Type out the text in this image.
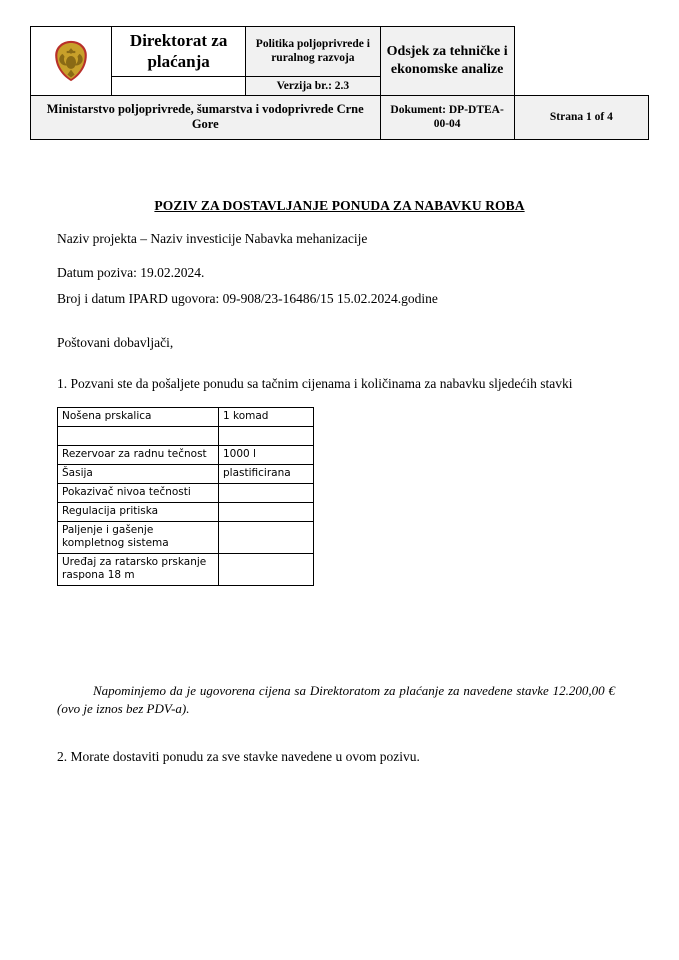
	Direktorat za plaćanja	Politika poljoprivrede i ruralnog razvoja	Odsjek za tehničke i ekonomske analize	
		Verzija br.: 2.3		
Ministarstvo poljoprivrede, šumarstva i vodoprivrede Crne Gore			Dokument: DP-DTEA-00-04	Strana 1 of 4
POZIV ZA DOSTAVLJANJE PONUDA ZA NABAVKU ROBA
Naziv projekta – Naziv investicije Nabavka mehanizacije
Datum poziva: 19.02.2024.
Broj i datum IPARD ugovora: 09-908/23-16486/15 15.02.2024.godine
Poštovani dobavljači,
1. Pozvani ste da pošaljete ponudu sa tačnim cijenama i količinama za nabavku sljedećih stavki
Nošena prskalica	1 komad

Rezervoar za radnu tečnost	1000 l
Šasija	plastificirana
Pokazivač nivoa tečnosti	
Regulacija pritiska	
Paljenje i gašenje kompletnog sistema	
Uređaj za ratarsko prskanje raspona 18 m	
Napominjemo da je ugovorena cijena sa Direktoratom za plaćanje za navedene stavke 12.200,00 € (ovo je iznos bez PDV-a).
2. Morate dostaviti ponudu za sve stavke navedene u ovom pozivu.
